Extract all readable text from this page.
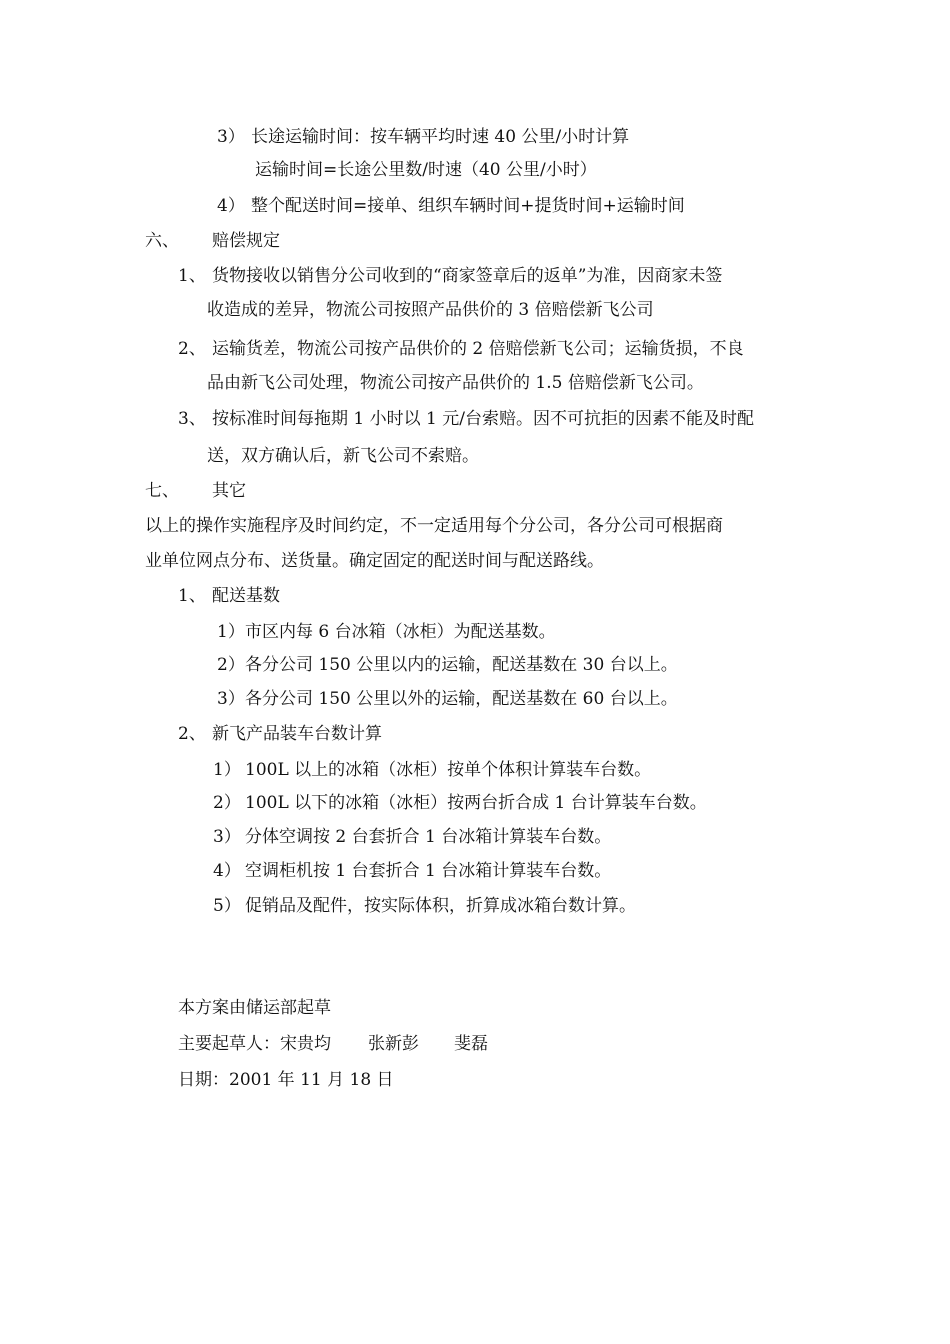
3） 长途运输时间：按车辆平均时速 40 公里/小时计算
运输时间=长途公里数/时速（40 公里/小时）
4） 整个配送时间=接单、组织车辆时间+提货时间+运输时间
六、 赔偿规定
1、 货物接收以销售分公司收到的“商家签章后的返单”为准，因商家未签
收造成的差异，物流公司按照产品供价的 3 倍赔偿新飞公司
2、 运输货差，物流公司按产品供价的 2 倍赔偿新飞公司；运输货损，不良
品由新飞公司处理，物流公司按产品供价的 1.5 倍赔偿新飞公司。
3、 按标准时间每拖期 1 小时以 1 元/台索赔。因不可抗拒的因素不能及时配
送，双方确认后，新飞公司不索赔。
七、 其它
以上的操作实施程序及时间约定，不一定适用每个分公司，各分公司可根据商
业单位网点分布、送货量。确定固定的配送时间与配送路线。
1、 配送基数
1）市区内每 6 台冰箱（冰柜）为配送基数。
2）各分公司 150 公里以内的运输，配送基数在 30 台以上。
3）各分公司 150 公里以外的运输，配送基数在 60 台以上。
2、 新飞产品装车台数计算
1） 100L 以上的冰箱（冰柜）按单个体积计算装车台数。
2） 100L 以下的冰箱（冰柜）按两台折合成 1 台计算装车台数。
3） 分体空调按 2 台套折合 1 台冰箱计算装车台数。
4） 空调柜机按 1 台套折合 1 台冰箱计算装车台数。
5） 促销品及配件，按实际体积，折算成冰箱台数计算。
本方案由储运部起草
主要起草人：宋贵均 张新彭 斐磊
日期：2001 年 11 月 18 日
